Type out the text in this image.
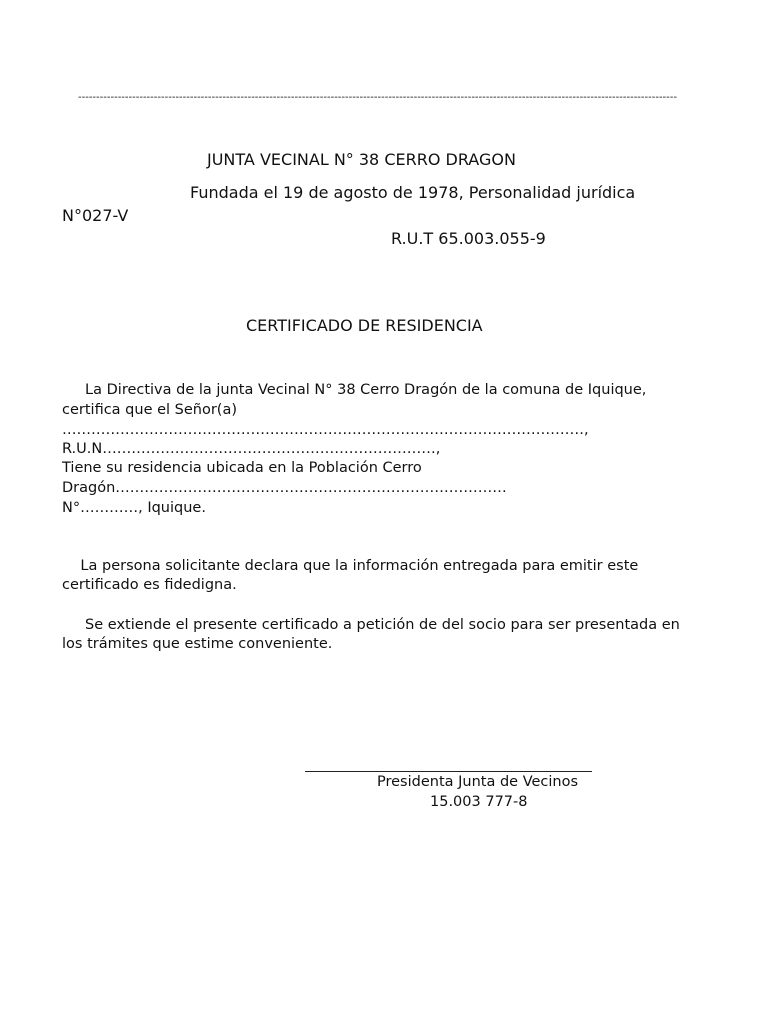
----------------------------------------------------------------------------------------------------------------------------------------------------------------------
JUNTA VECINAL N° 38 CERRO DRAGON
Fundada el 19 de agosto de 1978, Personalidad jurídica
N°027-V
R.U.T 65.003.055-9
CERTIFICADO DE RESIDENCIA
La Directiva de la junta Vecinal N° 38 Cerro Dragón de la comuna de Iquique,
certifica que el Señor(a)
………………………………………………………………………………………………,
R.U.N……………………………………………………………,
Tiene su residencia ubicada en la Población Cerro
Dragón………………………………………………………………………
N°…………, Iquique.
La persona solicitante declara que la información entregada para emitir este
certificado es fidedigna.
Se extiende el presente certificado a petición de del socio para ser presentada en
los trámites que estime conveniente.
Presidenta Junta de Vecinos
15.003 777-8
